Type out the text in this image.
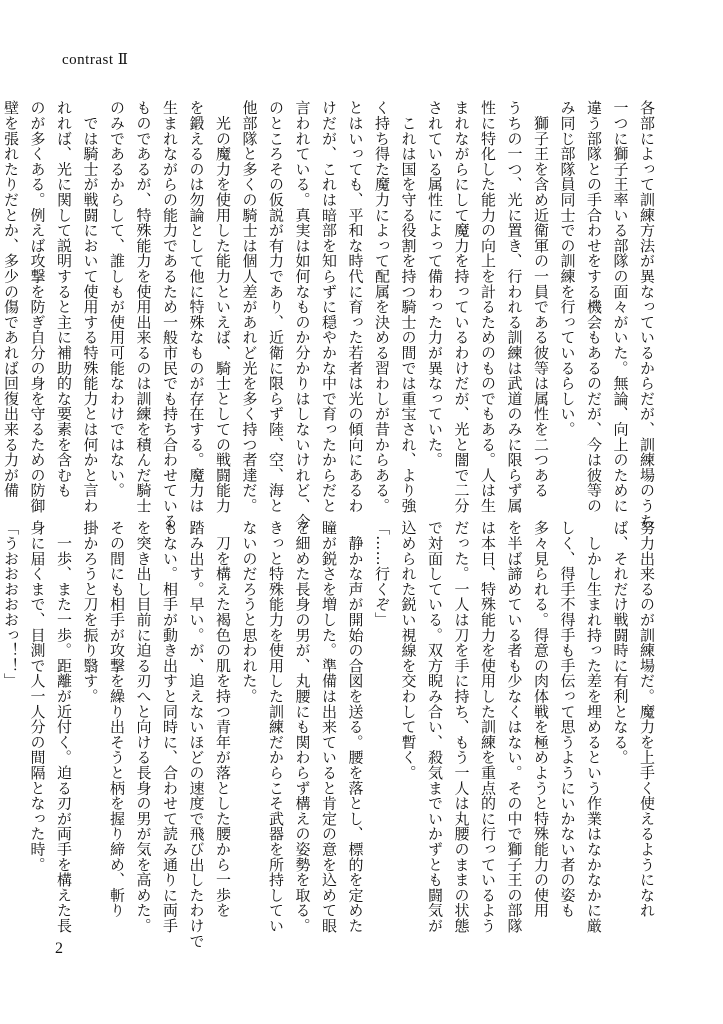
contrast Ⅱ
各部によって訓練方法が異なっているからだが、訓練場のうち
一つに獅子王率いる部隊の面々がいた。無論、向上のために
違う部隊との手合わせをする機会もあるのだが、今は彼等の
み同じ部隊員同士での訓練を行っているらしい。
　獅子王を含め近衛軍の一員である彼等は属性を二つある
うちの一つ、光に置き、行われる訓練は武道のみに限らず属
性に特化した能力の向上を計るためのものでもある。人は生
まれながらにして魔力を持っているわけだが、光と闇で二分
されている属性によって備わった力が異なっていた。
　これは国を守る役割を持つ騎士の間では重宝され、より強
く持ち得た魔力によって配属を決める習わしが昔からある。
とはいっても、平和な時代に育った若者は光の傾向にあるわ
けだが、これは暗部を知らずに穏やかな中で育ったからだと
言われている。真実は如何なものか分かりはしないけれど、今
のところその仮説が有力であり、近衛に限らず陸、空、海と
他部隊と多くの騎士は個人差があれど光を多く持つ者達だ。
　光の魔力を使用した能力といえば、騎士としての戦闘能力
を鍛えるのは勿論として他に特殊なものが存在する。魔力は
生まれながらの能力であるため一般市民でも持ち合わせている
ものであるが、特殊能力を使用出来るのは訓練を積んだ騎士
のみであるからして、誰しもが使用可能なわけではない。
　では騎士が戦闘において使用する特殊能力とは何かと言わ
れれば、光に関して説明すると主に補助的な要素を含むも
のが多くある。例えば攻撃を防ぎ自分の身を守るための防御
壁を張れたりだとか、多少の傷であれば回復出来る力が備

努力出来るのが訓練場だ。魔力を上手く使えるようになれ
ば、それだけ戦闘時に有利となる。
　しかし生まれ持った差を埋めるという作業はなかなかに厳
しく、得手不得手も手伝って思うようにいかない者の姿も
多々見られる。得意の肉体戦を極めようと特殊能力の使用
を半ば諦めている者も少なくはない。その中で獅子王の部隊
は本日、特殊能力を使用した訓練を重点的に行っているよう
だった。一人は刀を手に持ち、もう一人は丸腰のままの状態
で対面している。双方睨み合い、殺気までいかずとも闘気が
込められた鋭い視線を交わして暫く。
「……行くぞ」
　静かな声が開始の合図を送る。腰を落とし、標的を定めた
瞳が鋭さを増した。準備は出来ていると肯定の意を込めて眼
を細めた長身の男が、丸腰にも関わらず構えの姿勢を取る。
きっと特殊能力を使用した訓練だからこそ武器を所持してい
ないのだろうと思われた。
　刀を構えた褐色の肌を持つ青年が落とした腰から一歩を
踏み出す。早い。が、追えないほどの速度で飛び出したわけで
もない。相手が動き出すと同時に、合わせて読み通りに両手
を突き出し目前に迫る刃へと向ける長身の男が気を高めた。
その間にも相手が攻撃を繰り出そうと柄を握り締め、斬り
掛かろうと刀を振り翳す。
　一歩、また一歩。距離が近付く。迫る刃が両手を構えた長
身に届くまで、目測で人一人分の間隔となった時。
「うおおおおおっ！！」

2
